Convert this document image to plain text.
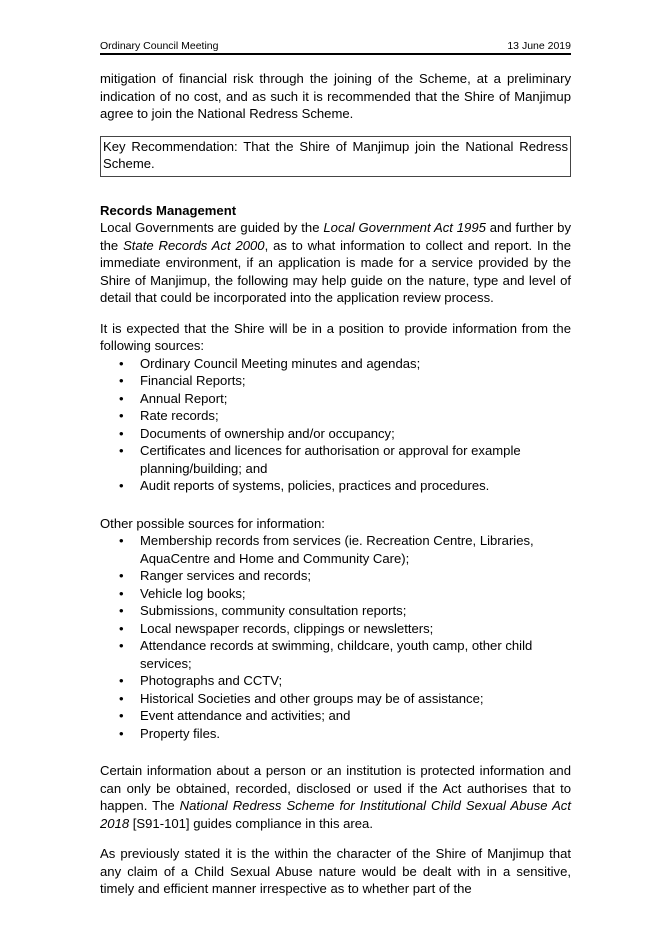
Ordinary Council Meeting	13 June 2019

mitigation of financial risk through the joining of the Scheme, at a preliminary indication of no cost, and as such it is recommended that the Shire of Manjimup agree to join the National Redress Scheme.

Key Recommendation: That the Shire of Manjimup join the National Redress Scheme.

Records Management

Local Governments are guided by the Local Government Act 1995 and further by the State Records Act 2000, as to what information to collect and report. In the immediate environment, if an application is made for a service provided by the Shire of Manjimup, the following may help guide on the nature, type and level of detail that could be incorporated into the application review process.

It is expected that the Shire will be in a position to provide information from the following sources:

• Ordinary Council Meeting minutes and agendas;
• Financial Reports;
• Annual Report;
• Rate records;
• Documents of ownership and/or occupancy;
• Certificates and licences for authorisation or approval for example planning/building; and
• Audit reports of systems, policies, practices and procedures.

Other possible sources for information:

• Membership records from services (ie. Recreation Centre, Libraries, AquaCentre and Home and Community Care);
• Ranger services and records;
• Vehicle log books;
• Submissions, community consultation reports;
• Local newspaper records, clippings or newsletters;
• Attendance records at swimming, childcare, youth camp, other child services;
• Photographs and CCTV;
• Historical Societies and other groups may be of assistance;
• Event attendance and activities; and
• Property files.

Certain information about a person or an institution is protected information and can only be obtained, recorded, disclosed or used if the Act authorises that to happen. The National Redress Scheme for Institutional Child Sexual Abuse Act 2018 [S91-101] guides compliance in this area.

As previously stated it is the within the character of the Shire of Manjimup that any claim of a Child Sexual Abuse nature would be dealt with in a sensitive, timely and efficient manner irrespective as to whether part of the
